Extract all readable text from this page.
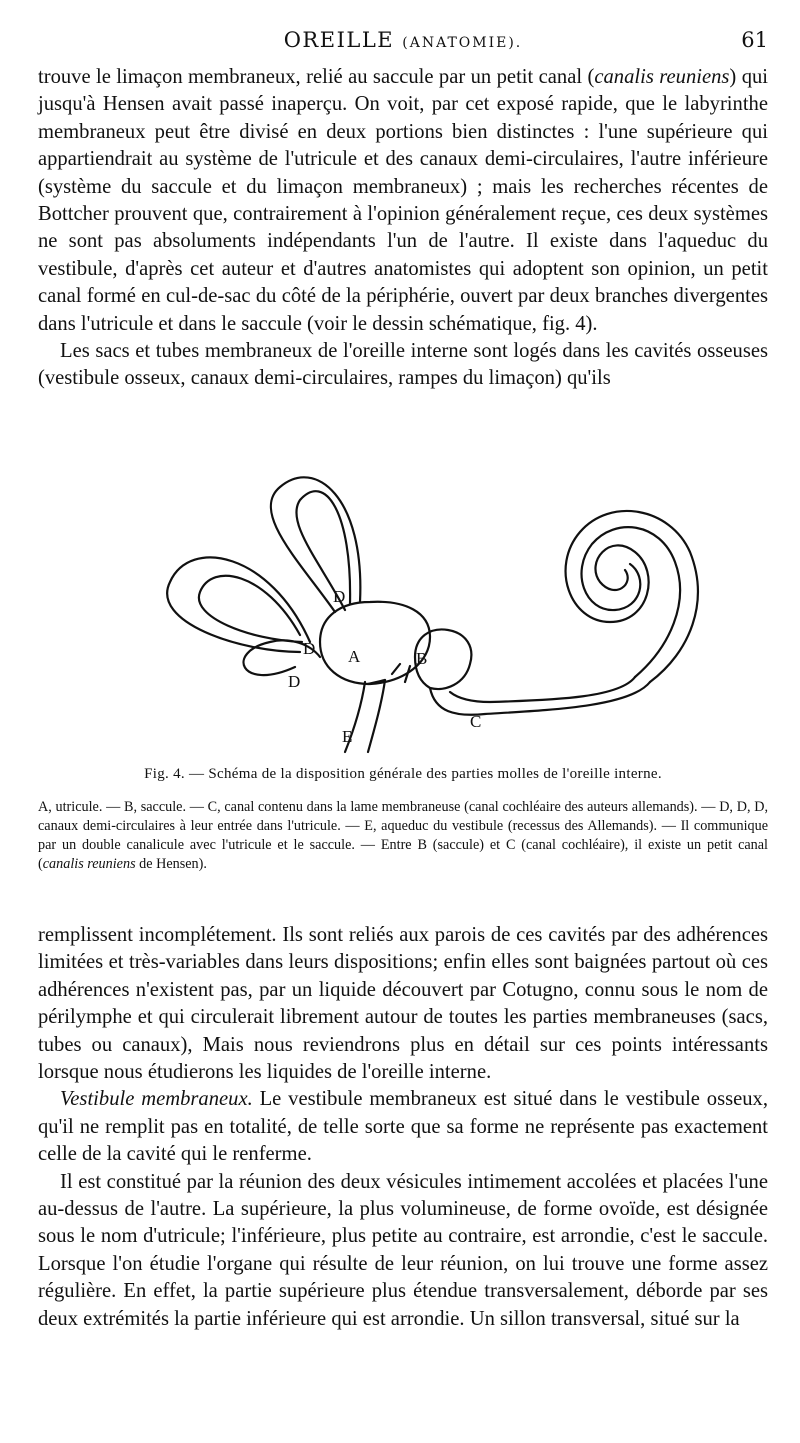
OREILLE (ANATOMIE).	61

trouve le limaçon membraneux, relié au saccule par un petit canal (canalis reuniens) qui jusqu'à Hensen avait passé inaperçu. On voit, par cet exposé rapide, que le labyrinthe membraneux peut être divisé en deux portions bien distinctes : l'une supérieure qui appartiendrait au système de l'utricule et des canaux demi-circulaires, l'autre inférieure (système du saccule et du limaçon membraneux) ; mais les recherches récentes de Bottcher prouvent que, contrairement à l'opinion généralement reçue, ces deux systèmes ne sont pas absoluments indépendants l'un de l'autre. Il existe dans l'aqueduc du vestibule, d'après cet auteur et d'autres anatomistes qui adoptent son opinion, un petit canal formé en cul-de-sac du côté de la périphérie, ouvert par deux branches divergentes dans l'utricule et dans le saccule (voir le dessin schématique, fig. 4).

Les sacs et tubes membraneux de l'oreille interne sont logés dans les cavités osseuses (vestibule osseux, canaux demi-circulaires, rampes du limaçon) qu'ils

D
D
D
A	B
C
E
Fig. 4. — Schéma de la disposition générale des parties molles de l'oreille interne.

A, utricule. — B, saccule. — C, canal contenu dans la lame membraneuse (canal cochléaire des auteurs allemands). — D, D, D, canaux demi-circulaires à leur entrée dans l'utricule. — E, aqueduc du vestibule (recessus des Allemands). — Il communique par un double canalicule avec l'utricule et le saccule. — Entre B (saccule) et C (canal cochléaire), il existe un petit canal (canalis reuniens de Hensen).

remplissent incomplétement. Ils sont reliés aux parois de ces cavités par des adhérences limitées et très-variables dans leurs dispositions; enfin elles sont baignées partout où ces adhérences n'existent pas, par un liquide découvert par Cotugno, connu sous le nom de périlymphe et qui circulerait librement autour de toutes les parties membraneuses (sacs, tubes ou canaux), Mais nous reviendrons plus en détail sur ces points intéressants lorsque nous étudierons les liquides de l'oreille interne.

Vestibule membraneux. Le vestibule membraneux est situé dans le vestibule osseux, qu'il ne remplit pas en totalité, de telle sorte que sa forme ne représente pas exactement celle de la cavité qui le renferme.

Il est constitué par la réunion des deux vésicules intimement accolées et placées l'une au-dessus de l'autre. La supérieure, la plus volumineuse, de forme ovoïde, est désignée sous le nom d'utricule; l'inférieure, plus petite au contraire, est arrondie, c'est le saccule. Lorsque l'on étudie l'organe qui résulte de leur réunion, on lui trouve une forme assez régulière. En effet, la partie supérieure plus étendue transversalement, déborde par ses deux extrémités la partie inférieure qui est arrondie. Un sillon transversal, situé sur la
